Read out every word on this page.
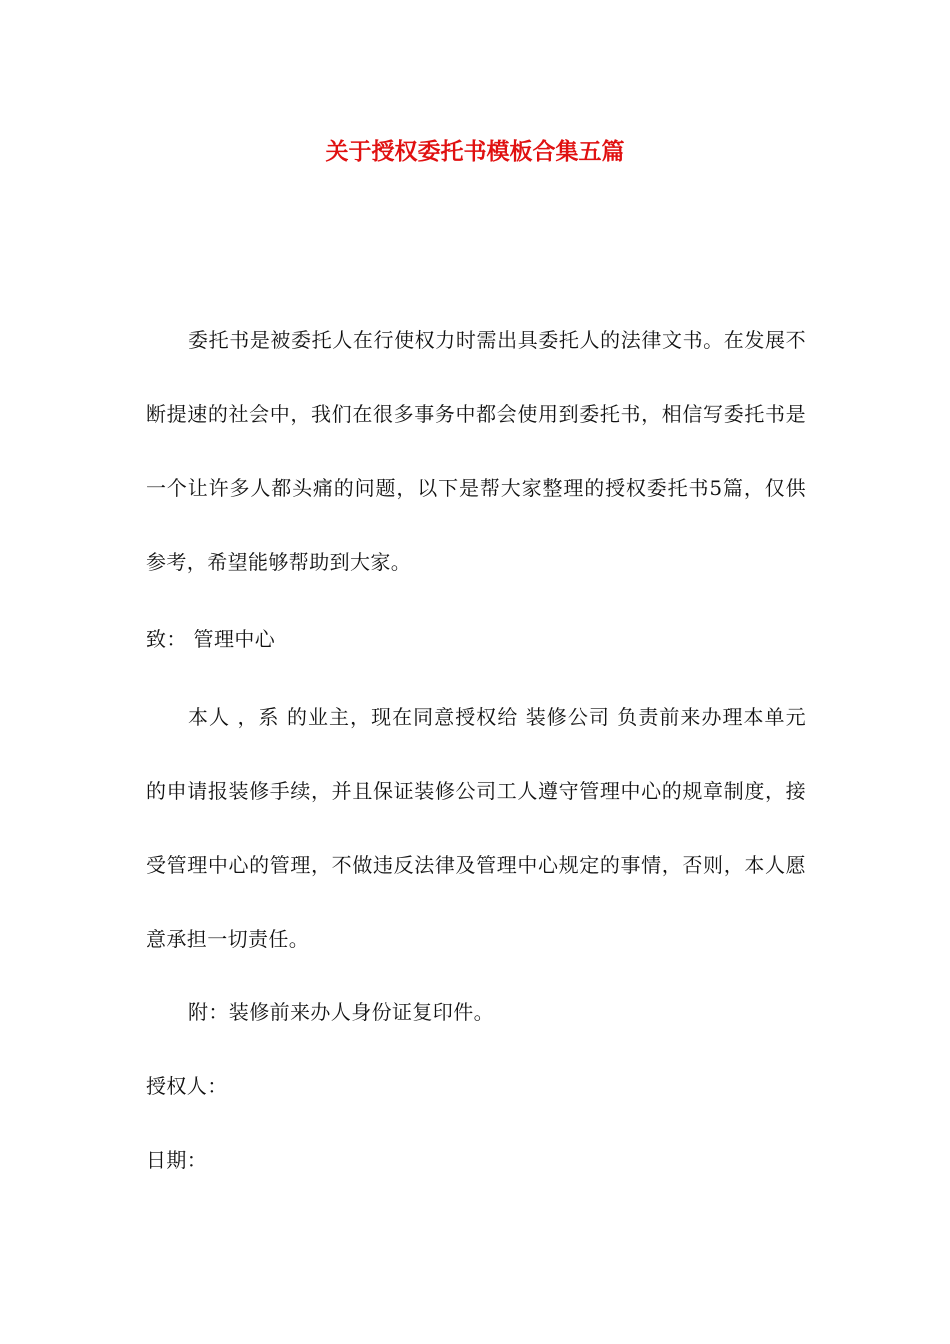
关于授权委托书模板合集五篇
委托书是被委托人在行使权力时需出具委托人的法律文书。在发展不断提速的社会中，我们在很多事务中都会使用到委托书，相信写委托书是一个让许多人都头痛的问题，以下是帮大家整理的授权委托书5篇，仅供参考，希望能够帮助到大家。
致： 管理中心
本人 ，系 的业主，现在同意授权给 装修公司 负责前来办理本单元的申请报装修手续，并且保证装修公司工人遵守管理中心的规章制度，接受管理中心的管理，不做违反法律及管理中心规定的事情，否则，本人愿意承担一切责任。
附：装修前来办人身份证复印件。
授权人：
日期：
